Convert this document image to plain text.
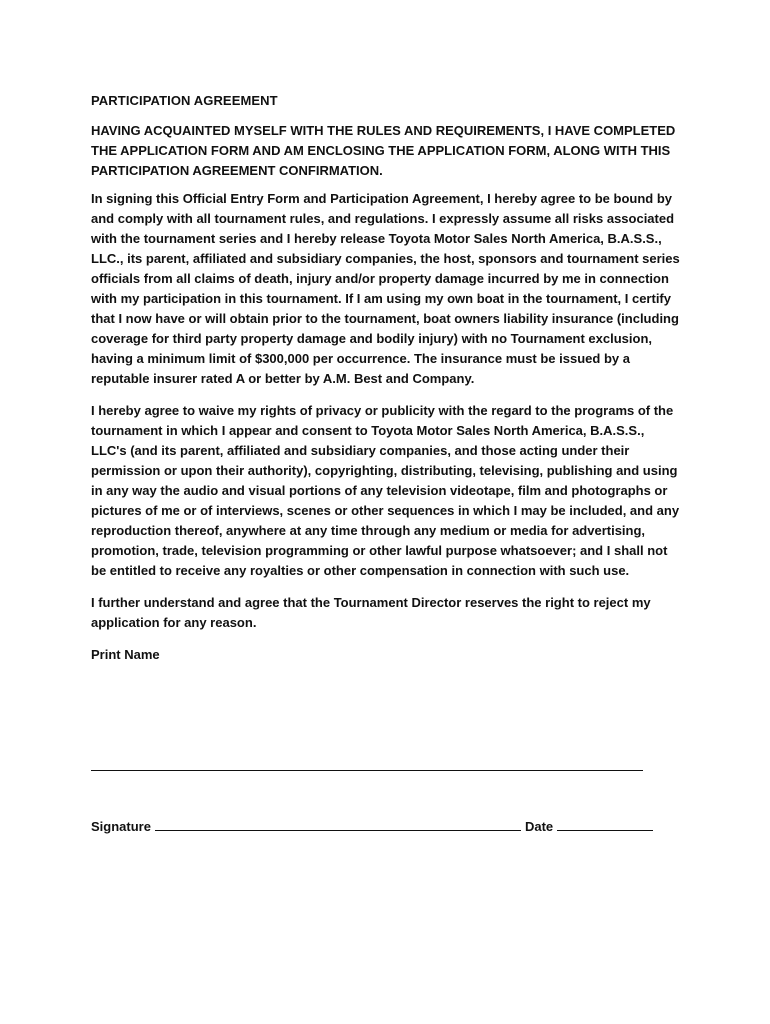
PARTICIPATION AGREEMENT
HAVING ACQUAINTED MYSELF WITH THE RULES AND REQUIREMENTS, I HAVE COMPLETED THE APPLICATION FORM AND AM ENCLOSING THE APPLICATION FORM, ALONG WITH THIS PARTICIPATION AGREEMENT CONFIRMATION.
In signing this Official Entry Form and Participation Agreement, I hereby agree to be bound by and comply with all tournament rules, and regulations. I expressly assume all risks associated with the tournament series and I hereby release Toyota Motor Sales North America, B.A.S.S., LLC., its parent, affiliated and subsidiary companies, the host, sponsors and tournament series officials from all claims of death, injury and/or property damage incurred by me in connection with my participation in this tournament. If I am using my own boat in the tournament, I certify that I now have or will obtain prior to the tournament, boat owners liability insurance (including coverage for third party property damage and bodily injury) with no Tournament exclusion, having a minimum limit of $300,000 per occurrence. The insurance must be issued by a reputable insurer rated A or better by A.M. Best and Company.
I hereby agree to waive my rights of privacy or publicity with the regard to the programs of the tournament in which I appear and consent to Toyota Motor Sales North America, B.A.S.S., LLC's (and its parent, affiliated and subsidiary companies, and those acting under their permission or upon their authority), copyrighting, distributing, televising, publishing and using in any way the audio and visual portions of any television videotape, film and photographs or pictures of me or of interviews, scenes or other sequences in which I may be included, and any reproduction thereof, anywhere at any time through any medium or media for advertising, promotion, trade, television programming or other lawful purpose whatsoever; and I shall not be entitled to receive any royalties or other compensation in connection with such use.
I further understand and agree that the Tournament Director reserves the right to reject my application for any reason.
Print Name
Signature	Date
